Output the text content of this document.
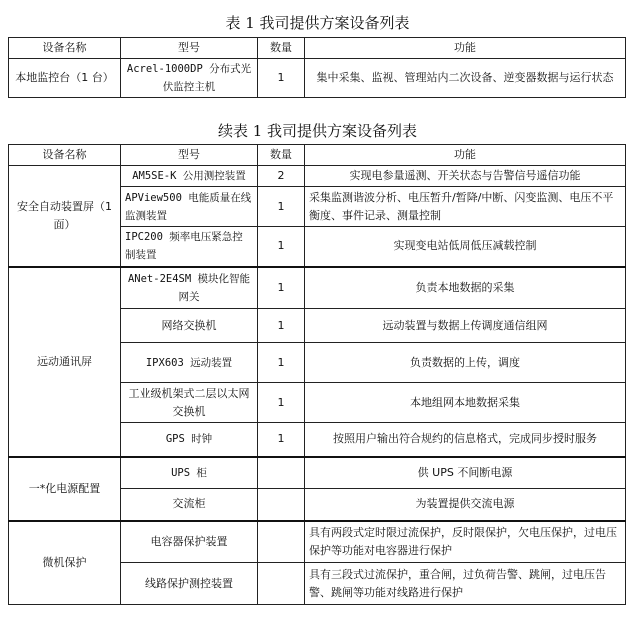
表 1 我司提供方案设备列表
设备名称	型号	数量	功能
本地监控台（1 台）	Acrel-1000DP 分布式光伏监控主机	1	集中采集、监视、管理站内二次设备、逆变器数据与运行状态
续表 1 我司提供方案设备列表
设备名称	型号	数量	功能
安全自动装置屏（1 面）	AM5SE-K 公用测控装置	2	实现电参量遥测、开关状态与告警信号遥信功能
	APView500 电能质量在线监测装置	1	采集监测谐波分析、电压暂升/暂降/中断、闪变监测、电压不平衡度、事件记录、测量控制
	IPC200 频率电压紧急控制装置	1	实现变电站低周低压减载控制
远动通讯屏	ANet-2E4SM 模块化智能网关	1	负责本地数据的采集
	网络交换机	1	远动装置与数据上传调度通信组网
	IPX603 远动装置	1	负责数据的上传，调度
	工业级机架式二层以太网交换机	1	本地组网本地数据采集
	GPS 时钟	1	按照用户输出符合规约的信息格式，完成同步授时服务
一*化电源配置	UPS 柜		供 UPS 不间断电源
	交流柜		为装置提供交流电源
微机保护	电容器保护装置		具有两段式定时限过流保护，反时限保护，欠电压保护，过电压保护等功能对电容器进行保护
	线路保护测控装置		具有三段式过流保护，重合闸，过负荷告警、跳闸，过电压告警、跳闸等功能对线路进行保护
